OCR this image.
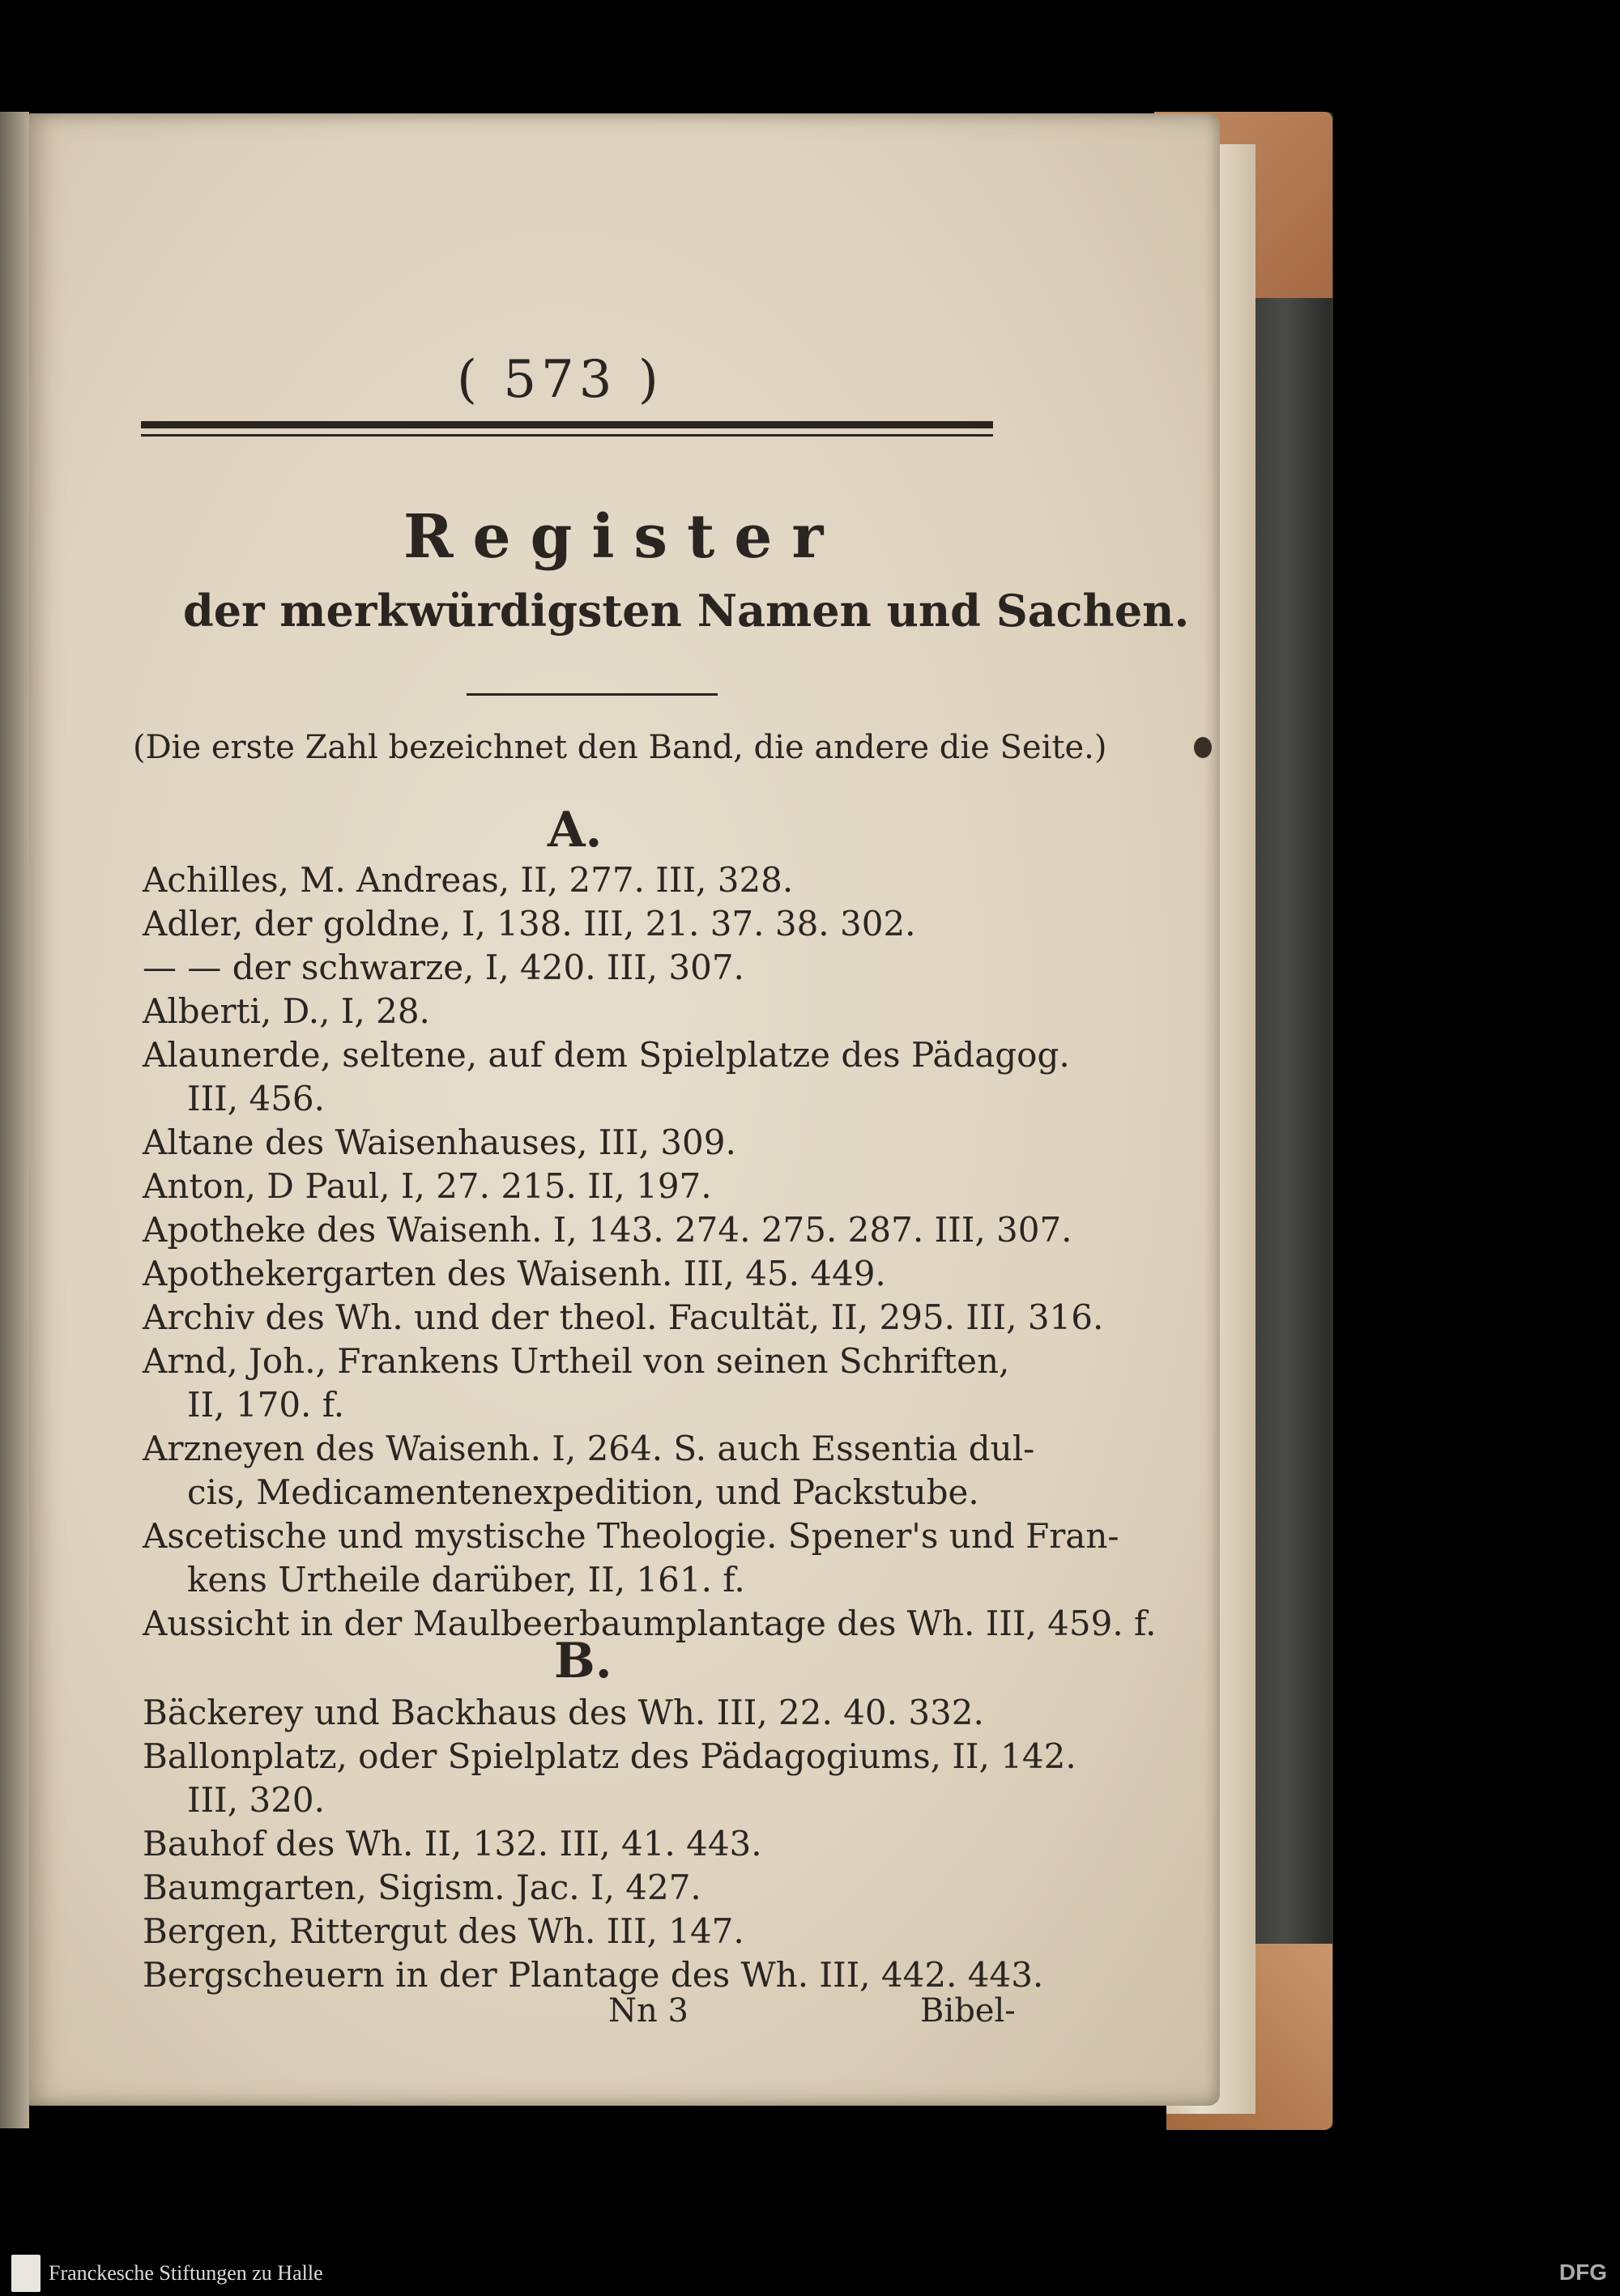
( 573 )
Register
der merkwürdigsten Namen und Sachen.
(Die erste Zahl bezeichnet den Band, die andere die Seite.)
A.
Achilles, M. Andreas, II, 277. III, 328.
Adler, der goldne, I, 138. III, 21. 37. 38. 302.
— — der schwarze, I, 420. III, 307.
Alberti, D., I, 28.
Alaunerde, seltene, auf dem Spielplatze des Pädagog.
III, 456.
Altane des Waisenhauses, III, 309.
Anton, D Paul, I, 27. 215. II, 197.
Apotheke des Waisenh. I, 143. 274. 275. 287. III, 307.
Apothekergarten des Waisenh. III, 45. 449.
Archiv des Wh. und der theol. Facultät, II, 295. III, 316.
Arnd, Joh., Frankens Urtheil von seinen Schriften,
II, 170. f.
Arzneyen des Waisenh. I, 264. S. auch Essentia dul-
cis, Medicamentenexpedition, und Packstube.
Ascetische und mystische Theologie. Spener's und Fran-
kens Urtheile darüber, II, 161. f.
Aussicht in der Maulbeerbaumplantage des Wh. III, 459. f.
B.
Bäckerey und Backhaus des Wh. III, 22. 40. 332.
Ballonplatz, oder Spielplatz des Pädagogiums, II, 142.
III, 320.
Bauhof des Wh. II, 132. III, 41. 443.
Baumgarten, Sigism. Jac. I, 427.
Bergen, Rittergut des Wh. III, 147.
Bergscheuern in der Plantage des Wh. III, 442. 443.
Nn 3	Bibel-
Franckesche Stiftungen zu Halle	DFG
